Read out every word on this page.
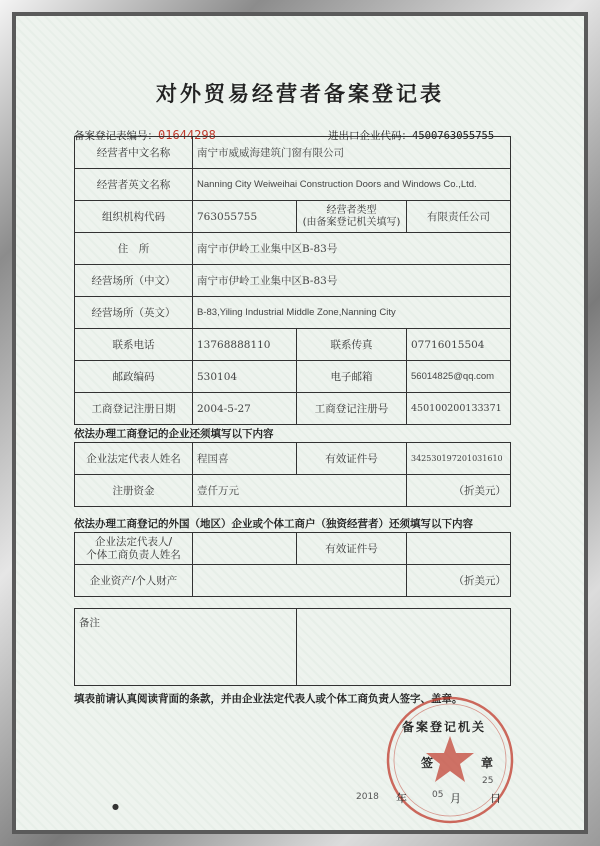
对外贸易经营者备案登记表
备案登记表编号：01644298	进出口企业代码：4500763055755
经营者中文名称	南宁市威威海建筑门窗有限公司		
经营者英文名称	Nanning City Weiweihai Construction Doors and Windows Co.,Ltd.		
组织机构代码	763055755	经营者类型
(由备案登记机关填写)	有限责任公司
住　所	南宁市伊岭工业集中区B-83号		
经营场所（中文）	南宁市伊岭工业集中区B-83号		
经营场所（英文）	B-83,Yiling Industrial Middle Zone,Nanning City		
联系电话	13768888110	联系传真	07716015504
邮政编码	530104	电子邮箱	56014825@qq.com
工商登记注册日期	2004-5-27	工商登记注册号	450100200133371
依法办理工商登记的企业还须填写以下内容
企业法定代表人姓名	程国喜	有效证件号	342530197201031610
注册资金	壹仟万元		（折美元）
依法办理工商登记的外国（地区）企业或个体工商户（独资经营者）还须填写以下内容
企业法定代表人/
个体工商负责人姓名		有效证件号	
企业资产/个人财产			（折美元）
备注	
填表前请认真阅读背面的条款，并由企业法定代表人或个体工商负责人签字、盖章。
备案登记机关
签　章
2018 年	05 月
25
日
●
